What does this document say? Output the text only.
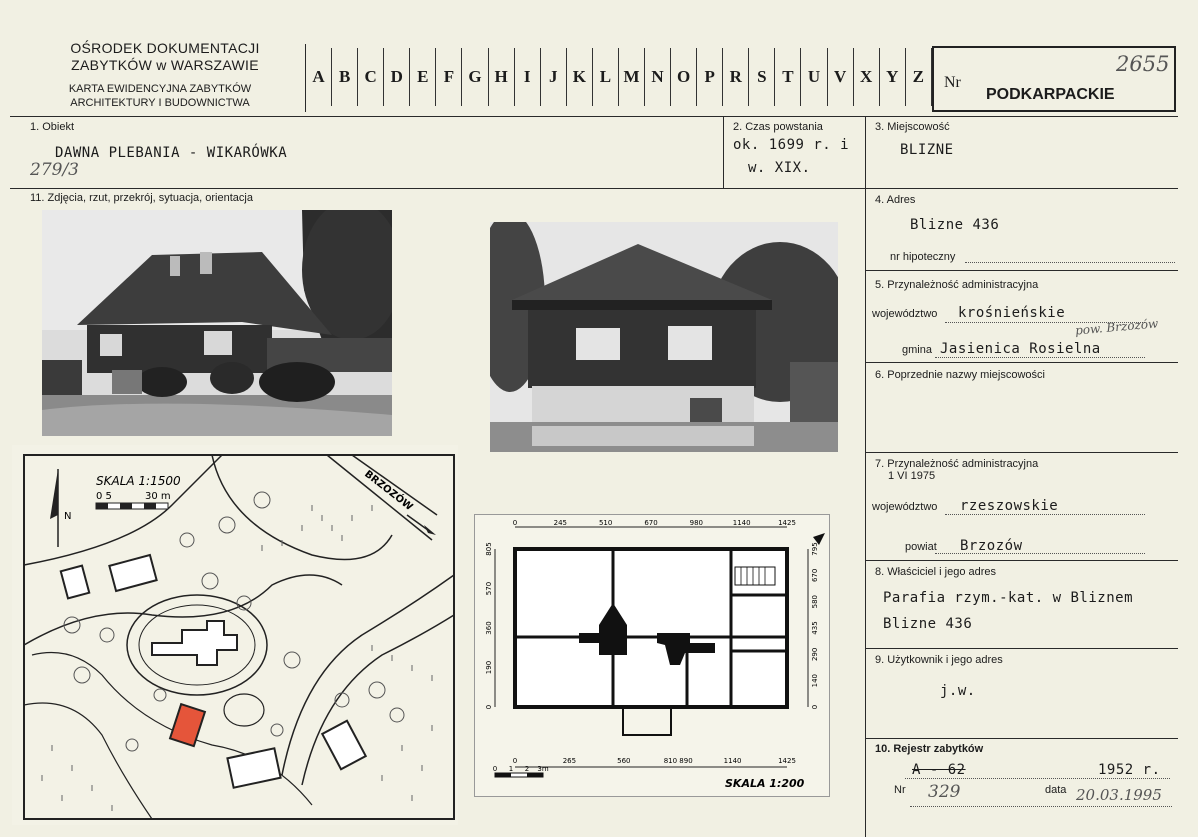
OŚRODEK DOKUMENTACJI
ZABYTKÓW w WARSZAWIE
KARTA EWIDENCYJNA ZABYTKÓW
ARCHITEKTURY I BUDOWNICTWA
A B C D E F G H I	J K L M N O P R S T U V X Y Z	Nr
2655
PODKARPACKIE
1. Obiekt
DAWNA PLEBANIA - WIKARÓWKA
279/3
2. Czas powstania
ok. 1699 r. i
w. XIX.
3. Miejscowość
BLIZNE
11. Zdjęcia, rzut, przekrój, sytuacja, orientacja	4. Adres
Blizne 436
nr hipoteczny
5. Przynależność administracyjna
województwo krośnieńskie
pow. Brzozów
gmina Jasienica Rosielna
6. Poprzednie nazwy miejscowości
7. Przynależność administracyjna
1 VI 1975
województwo rzeszowskie
powiat Brzozów
8. Właściciel i jego adres
Parafia rzym.-kat. w Bliznem
Blizne 436
9. Użytkownik i jego adres
j.w.
10. Rejestr zabytków
A - 62	1952 r.
Nr 329	data 20.03.1995
SKALA 1:1500
0 5	30 m
N
BRZOZÓW
0	245	510	670	980	1140	1425
0	265	560	810 890	1140	1425
0
190
360
570
805	795
670
580
435
290
140
0
0 1 2 3m
SKALA 1:200
